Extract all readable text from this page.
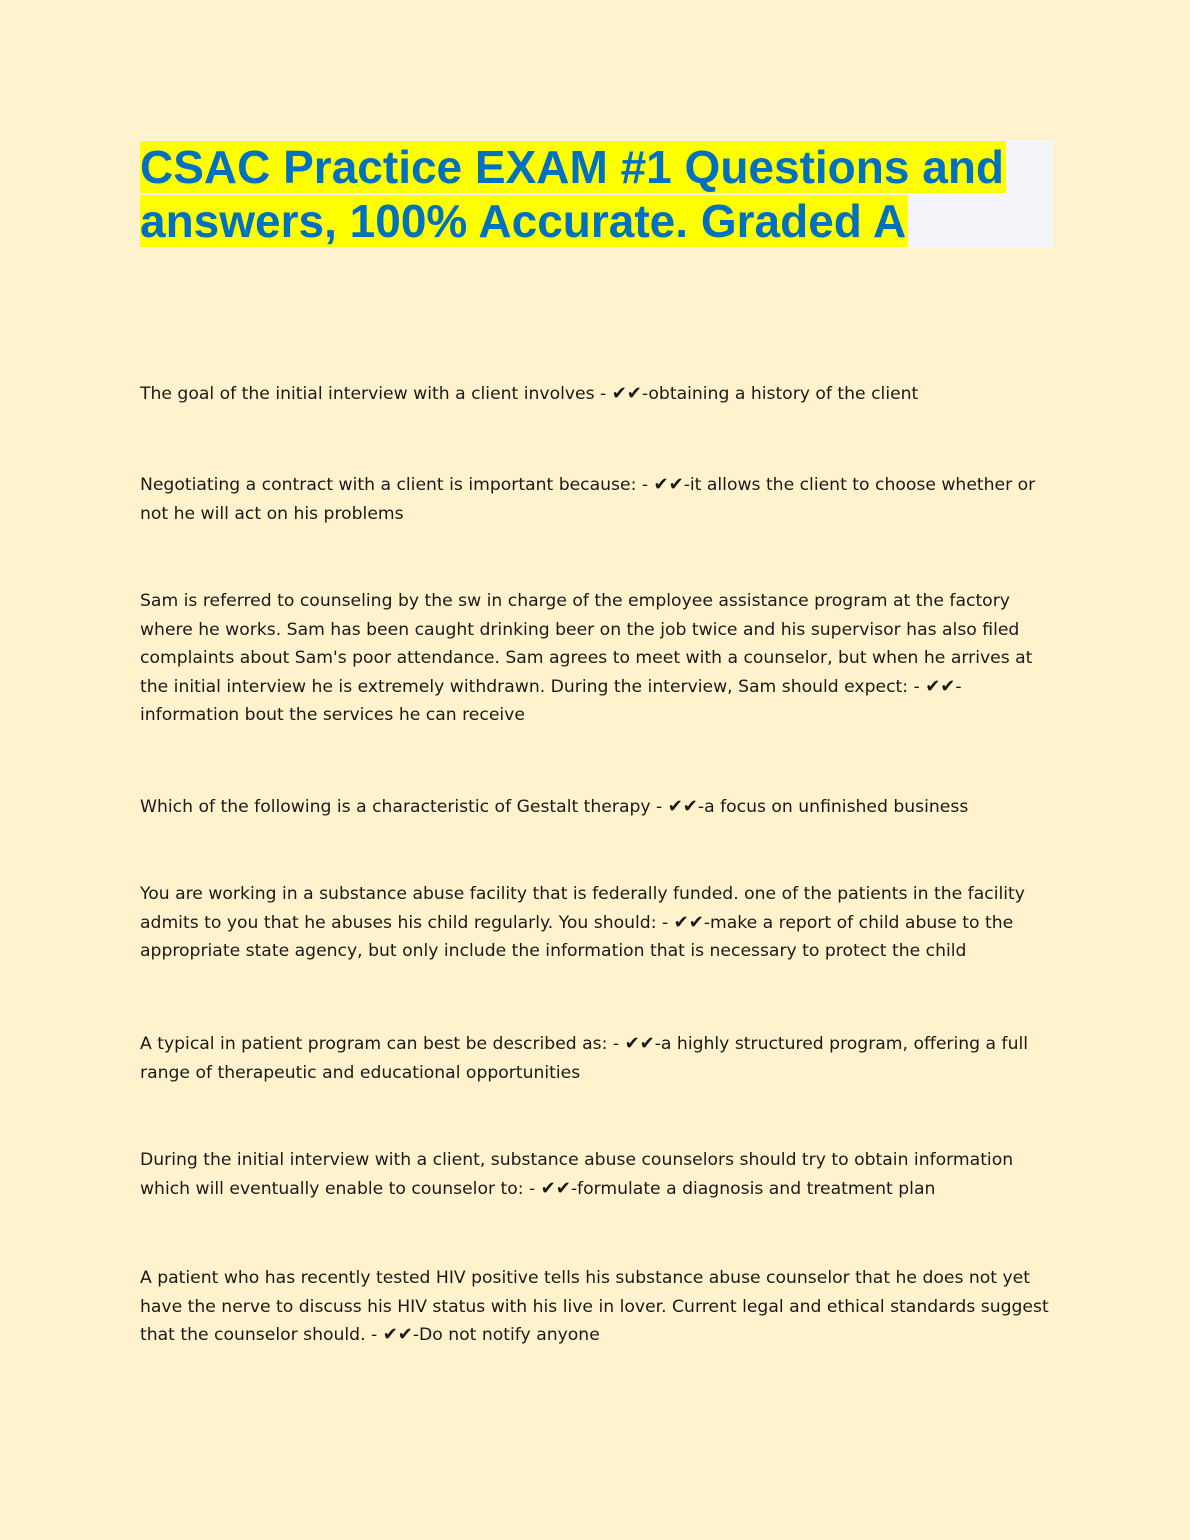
CSAC Practice EXAM #1 Questions and
answers, 100% Accurate. Graded A

The goal of the initial interview with a client involves - ✔✔-obtaining a history of the client

Negotiating a contract with a client is important because: - ✔✔-it allows the client to choose whether or not he will act on his problems

Sam is referred to counseling by the sw in charge of the employee assistance program at the factory where he works. Sam has been caught drinking beer on the job twice and his supervisor has also filed complaints about Sam's poor attendance. Sam agrees to meet with a counselor, but when he arrives at the initial interview he is extremely withdrawn. During the interview, Sam should expect: - ✔✔-information bout the services he can receive

Which of the following is a characteristic of Gestalt therapy - ✔✔-a focus on unfinished business

You are working in a substance abuse facility that is federally funded. one of the patients in the facility admits to you that he abuses his child regularly. You should: - ✔✔-make a report of child abuse to the appropriate state agency, but only include the information that is necessary to protect the child

A typical in patient program can best be described as: - ✔✔-a highly structured program, offering a full range of therapeutic and educational opportunities

During the initial interview with a client, substance abuse counselors should try to obtain information which will eventually enable to counselor to: - ✔✔-formulate a diagnosis and treatment plan

A patient who has recently tested HIV positive tells his substance abuse counselor that he does not yet have the nerve to discuss his HIV status with his live in lover. Current legal and ethical standards suggest that the counselor should. - ✔✔-Do not notify anyone
